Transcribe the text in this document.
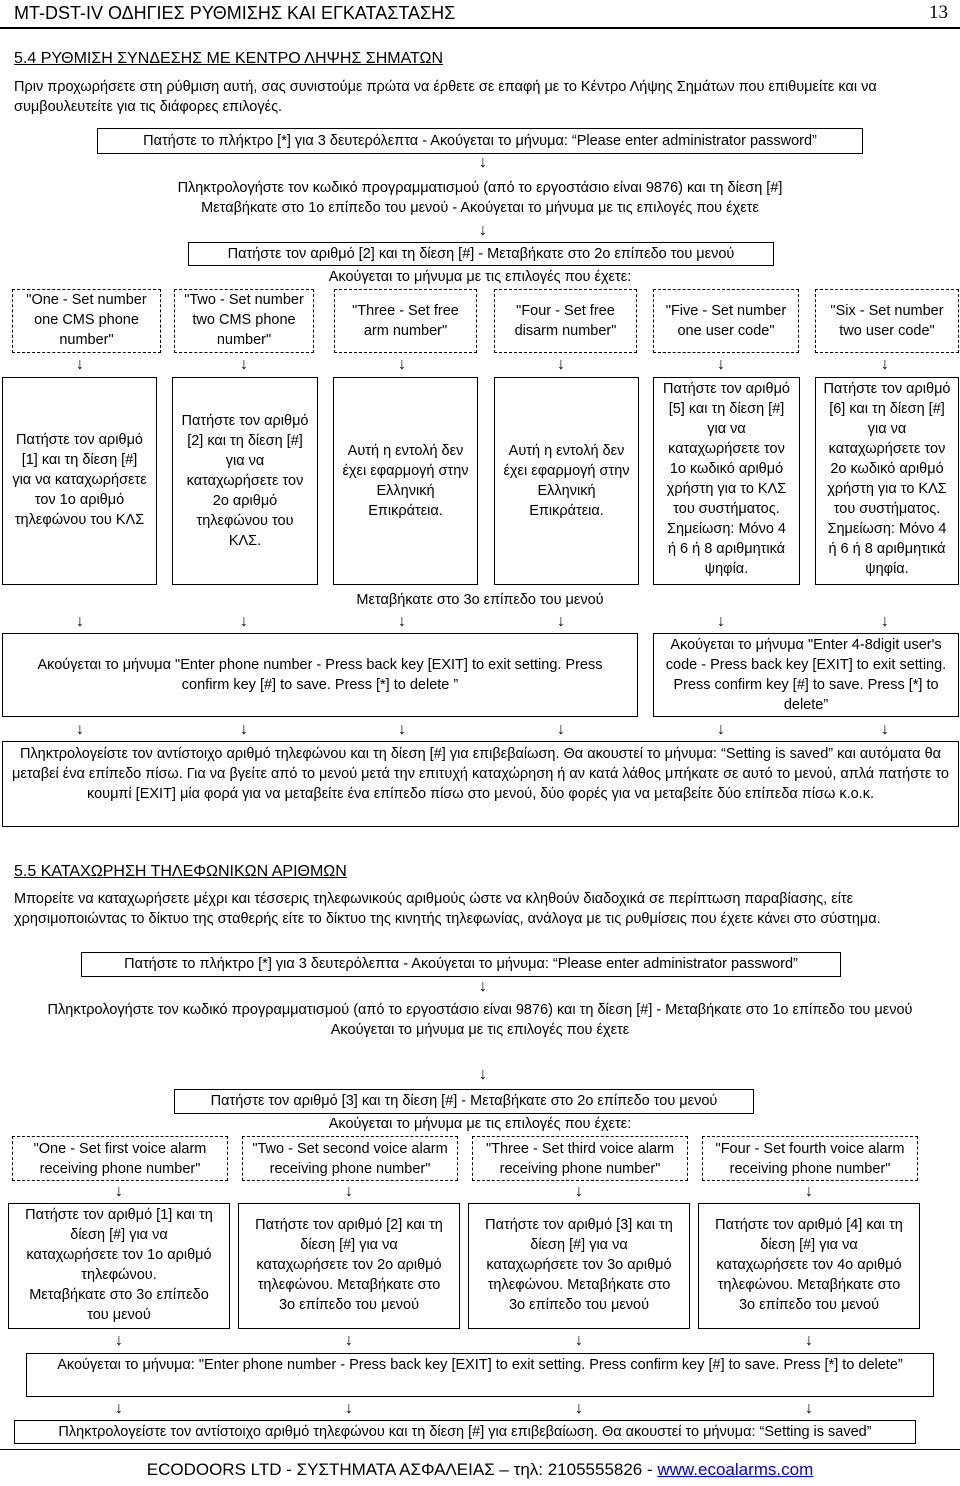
MT-DST-IV ΟΔΗΓΙΕΣ ΡΥΘΜΙΣΗΣ ΚΑΙ ΕΓΚΑΤΑΣΤΑΣΗΣ	13
5.4 ΡΥΘΜΙΣΗ ΣΥΝΔΕΣΗΣ ΜΕ ΚΕΝΤΡΟ ΛΗΨΗΣ ΣΗΜΑΤΩΝ
Πριν προχωρήσετε στη ρύθμιση αυτή, σας συνιστούμε πρώτα να έρθετε σε επαφή με το Κέντρο Λήψης Σημάτων που επιθυμείτε και να συμβουλευτείτε για τις διάφορες επιλογές.
Πατήστε το πλήκτρο [*] για 3 δευτερόλεπτα - Ακούγεται το μήνυμα: “Please enter administrator password”
↓
Πληκτρολογήστε τον κωδικό προγραμματισμού (από το εργοστάσιο είναι 9876) και τη δίεση [#]
Μεταβήκατε στο 1ο επίπεδο του μενού - Ακούγεται το μήνυμα με τις επιλογές που έχετε
↓
Πατήστε τον αριθμό [2] και τη δίεση [#] - Μεταβήκατε στο 2ο επίπεδο του μενού
Ακούγεται το μήνυμα με τις επιλογές που έχετε:
"One - Set number
one CMS phone
number"
"Two - Set number
two CMS phone
number"
"Three - Set free
arm number"
"Four - Set free
disarm number"
"Five - Set number
one user code"
"Six - Set number
two user code"
↓	↓	↓	↓	↓	↓
Πατήστε τον αριθμό
[1] και τη δίεση [#]
για να καταχωρήσετε
τον 1ο αριθμό
τηλεφώνου του ΚΛΣ
Πατήστε τον αριθμό
[2] και τη δίεση [#]
για να
καταχωρήσετε τον
2ο αριθμό
τηλεφώνου του
ΚΛΣ.
Αυτή η εντολή δεν
έχει εφαρμογή στην
Ελληνική
Επικράτεια.
Αυτή η εντολή δεν
έχει εφαρμογή στην
Ελληνική
Επικράτεια.
Πατήστε τον αριθμό
[5] και τη δίεση [#]
για να
καταχωρήσετε τον
1ο κωδικό αριθμό
χρήστη για το ΚΛΣ
του συστήματος.
Σημείωση: Μόνο 4
ή 6 ή 8 αριθμητικά
ψηφία.
Πατήστε τον αριθμό
[6] και τη δίεση [#]
για να
καταχωρήσετε τον
2ο κωδικό αριθμό
χρήστη για το ΚΛΣ
του συστήματος.
Σημείωση: Μόνο 4
ή 6 ή 8 αριθμητικά
ψηφία.
Μεταβήκατε στο 3ο επίπεδο του μενού
↓	↓	↓	↓	↓	↓
Ακούγεται το μήνυμα "Enter phone number - Press back key [EXIT] to exit setting. Press confirm key [#] to save. Press [*] to delete ”
Ακούγεται το μήνυμα "Enter 4-8digit user's code - Press back key [EXIT] to exit setting. Press confirm key [#] to save. Press [*] to delete”
↓	↓	↓	↓	↓	↓
Πληκτρολογείστε τον αντίστοιχο αριθμό τηλεφώνου και τη δίεση [#] για επιβεβαίωση. Θα ακουστεί το μήνυμα: “Setting is saved” και αυτόματα θα μεταβεί ένα επίπεδο πίσω. Για να βγείτε από το μενού μετά την επιτυχή καταχώρηση ή αν κατά λάθος μπήκατε σε αυτό το μενού, απλά πατήστε το κουμπί [EXIT] μία φορά για να μεταβείτε ένα επίπεδο πίσω στο μενού, δύο φορές για να μεταβείτε δύο επίπεδα πίσω κ.ο.κ.
5.5 ΚΑΤΑΧΩΡΗΣΗ ΤΗΛΕΦΩΝΙΚΩΝ ΑΡΙΘΜΩΝ
Μπορείτε να καταχωρήσετε μέχρι και τέσσερις τηλεφωνικούς αριθμούς ώστε να κληθούν διαδοχικά σε περίπτωση παραβίασης, είτε χρησιμοποιώντας το δίκτυο της σταθερής είτε το δίκτυο της κινητής τηλεφωνίας, ανάλογα με τις ρυθμίσεις που έχετε κάνει στο σύστημα.
Πατήστε το πλήκτρο [*] για 3 δευτερόλεπτα - Ακούγεται το μήνυμα: “Please enter administrator password”
↓
Πληκτρολογήστε τον κωδικό προγραμματισμού (από το εργοστάσιο είναι 9876) και τη δίεση [#] - Μεταβήκατε στο 1ο επίπεδο του μενού
Ακούγεται το μήνυμα με τις επιλογές που έχετε
↓
Πατήστε τον αριθμό [3] και τη δίεση [#] - Μεταβήκατε στο 2ο επίπεδο του μενού
Ακούγεται το μήνυμα με τις επιλογές που έχετε:
"One - Set first voice alarm
receiving phone number"
"Two - Set second voice alarm
receiving phone number"
"Three - Set third voice alarm
receiving phone number"
"Four - Set fourth voice alarm
receiving phone number"
↓	↓	↓	↓
Πατήστε τον αριθμό [1] και τη
δίεση [#] για να
καταχωρήσετε τον 1ο αριθμό
τηλεφώνου.
Μεταβήκατε στο 3ο επίπεδο
του μενού
Πατήστε τον αριθμό [2] και τη
δίεση [#] για να
καταχωρήσετε τον 2ο αριθμό
τηλεφώνου. Μεταβήκατε στο
3ο επίπεδο του μενού
Πατήστε τον αριθμό [3] και τη
δίεση [#] για να
καταχωρήσετε τον 3ο αριθμό
τηλεφώνου. Μεταβήκατε στο
3ο επίπεδο του μενού
Πατήστε τον αριθμό [4] και τη
δίεση [#] για να
καταχωρήσετε τον 4ο αριθμό
τηλεφώνου. Μεταβήκατε στο
3ο επίπεδο του μενού
↓	↓	↓	↓
Ακούγεται το μήνυμα: "Enter phone number - Press back key [EXIT] to exit setting. Press confirm key [#] to save. Press [*] to delete”
↓	↓	↓	↓
Πληκτρολογείστε τον αντίστοιχο αριθμό τηλεφώνου και τη δίεση [#] για επιβεβαίωση. Θα ακουστεί το μήνυμα: “Setting is saved”
ECODOORS LTD - ΣΥΣΤΗΜΑΤΑ ΑΣΦΑΛΕΙΑΣ – τηλ: 2105555826 - www.ecoalarms.com
